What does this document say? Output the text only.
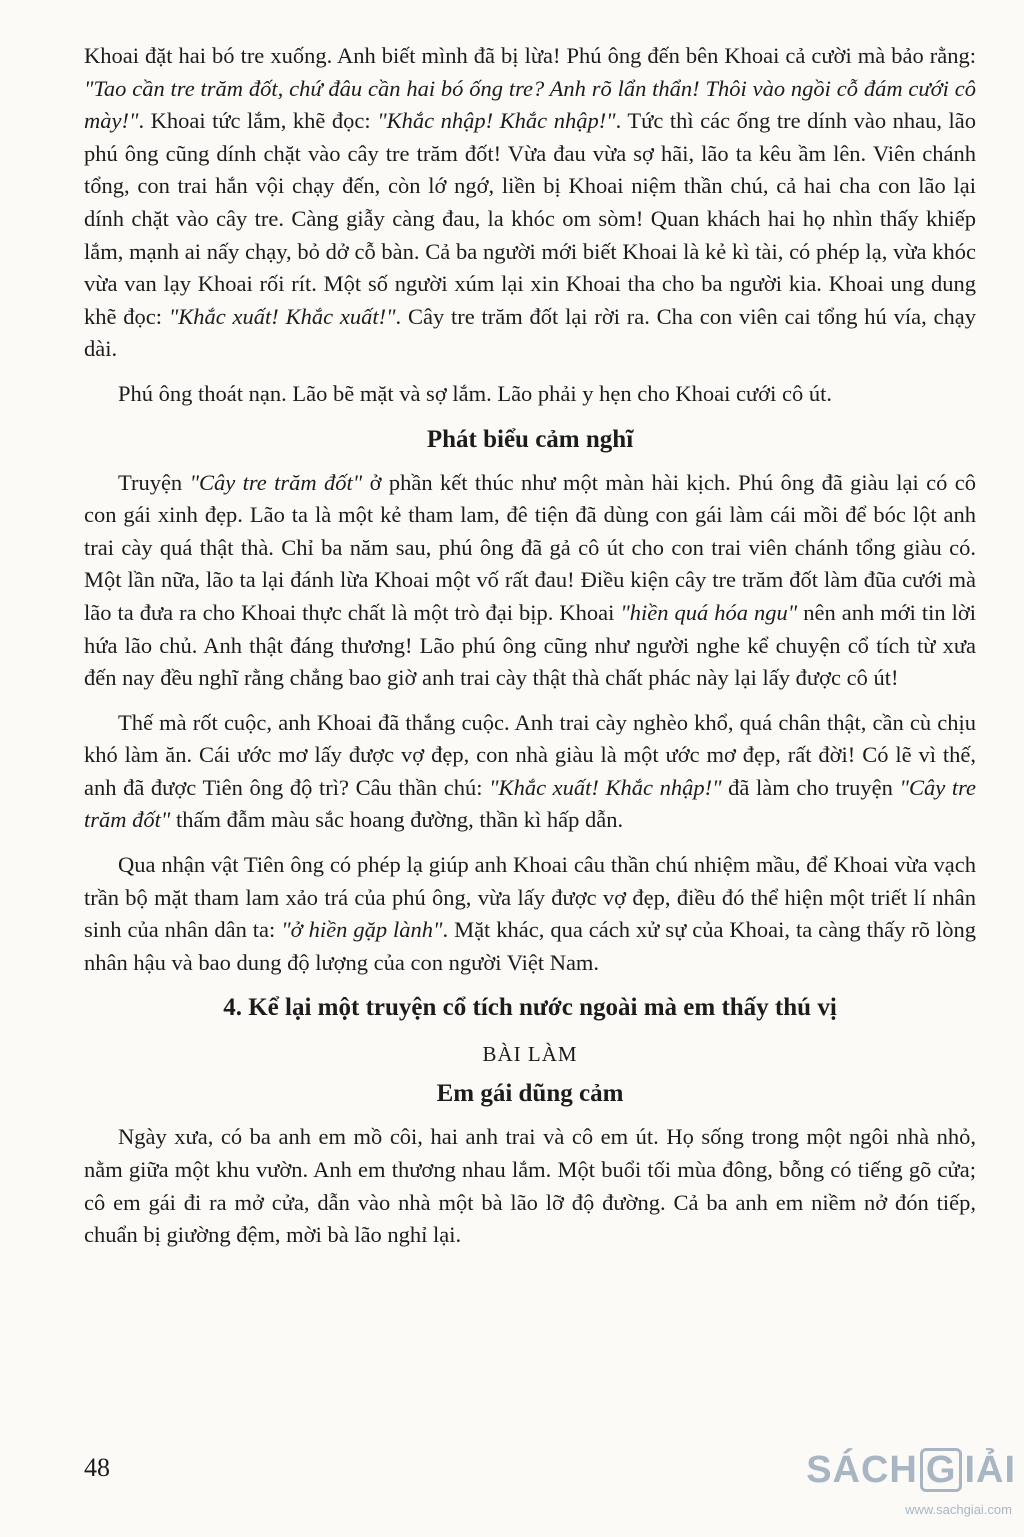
Khoai đặt hai bó tre xuống. Anh biết mình đã bị lừa! Phú ông đến bên Khoai cả cười mà bảo rằng: "Tao cần tre trăm đốt, chứ đâu cần hai bó ống tre? Anh rõ lẩn thẩn! Thôi vào ngồi cỗ đám cưới cô mày!". Khoai tức lắm, khẽ đọc: "Khắc nhập! Khắc nhập!". Tức thì các ống tre dính vào nhau, lão phú ông cũng dính chặt vào cây tre trăm đốt! Vừa đau vừa sợ hãi, lão ta kêu ầm lên. Viên chánh tổng, con trai hắn vội chạy đến, còn lớ ngớ, liền bị Khoai niệm thần chú, cả hai cha con lão lại dính chặt vào cây tre. Càng giẫy càng đau, la khóc om sòm! Quan khách hai họ nhìn thấy khiếp lắm, mạnh ai nấy chạy, bỏ dở cỗ bàn. Cả ba người mới biết Khoai là kẻ kì tài, có phép lạ, vừa khóc vừa van lạy Khoai rối rít. Một số người xúm lại xin Khoai tha cho ba người kia. Khoai ung dung khẽ đọc: "Khắc xuất! Khắc xuất!". Cây tre trăm đốt lại rời ra. Cha con viên cai tổng hú vía, chạy dài.

Phú ông thoát nạn. Lão bẽ mặt và sợ lắm. Lão phải y hẹn cho Khoai cưới cô út.

Phát biểu cảm nghĩ

Truyện "Cây tre trăm đốt" ở phần kết thúc như một màn hài kịch. Phú ông đã giàu lại có cô con gái xinh đẹp. Lão ta là một kẻ tham lam, đê tiện đã dùng con gái làm cái mồi để bóc lột anh trai cày quá thật thà. Chỉ ba năm sau, phú ông đã gả cô út cho con trai viên chánh tổng giàu có. Một lần nữa, lão ta lại đánh lừa Khoai một vố rất đau! Điều kiện cây tre trăm đốt làm đũa cưới mà lão ta đưa ra cho Khoai thực chất là một trò đại bịp. Khoai "hiền quá hóa ngu" nên anh mới tin lời hứa lão chủ. Anh thật đáng thương! Lão phú ông cũng như người nghe kể chuyện cổ tích từ xưa đến nay đều nghĩ rằng chẳng bao giờ anh trai cày thật thà chất phác này lại lấy được cô út!

Thế mà rốt cuộc, anh Khoai đã thắng cuộc. Anh trai cày nghèo khổ, quá chân thật, cần cù chịu khó làm ăn. Cái ước mơ lấy được vợ đẹp, con nhà giàu là một ước mơ đẹp, rất đời! Có lẽ vì thế, anh đã được Tiên ông độ trì? Câu thần chú: "Khắc xuất! Khắc nhập!" đã làm cho truyện "Cây tre trăm đốt" thấm đẫm màu sắc hoang đường, thần kì hấp dẫn.

Qua nhận vật Tiên ông có phép lạ giúp anh Khoai câu thần chú nhiệm mầu, để Khoai vừa vạch trần bộ mặt tham lam xảo trá của phú ông, vừa lấy được vợ đẹp, điều đó thể hiện một triết lí nhân sinh của nhân dân ta: "ở hiền gặp lành". Mặt khác, qua cách xử sự của Khoai, ta càng thấy rõ lòng nhân hậu và bao dung độ lượng của con người Việt Nam.

4. Kể lại một truyện cổ tích nước ngoài mà em thấy thú vị
BÀI LÀM
Em gái dũng cảm

Ngày xưa, có ba anh em mồ côi, hai anh trai và cô em út. Họ sống trong một ngôi nhà nhỏ, nằm giữa một khu vườn. Anh em thương nhau lắm. Một buổi tối mùa đông, bỗng có tiếng gõ cửa; cô em gái đi ra mở cửa, dẫn vào nhà một bà lão lỡ độ đường. Cả ba anh em niềm nở đón tiếp, chuẩn bị giường đệm, mời bà lão nghỉ lại.

48	SÁCH G IẢI
www.sachgiai.com
